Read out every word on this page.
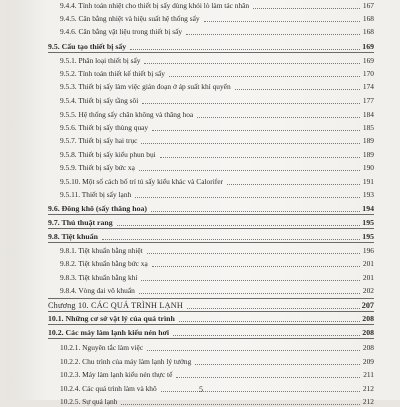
9.4.4. Tính toán nhiệt cho thiết bị sấy dùng khói lò làm tác nhân	167
9.4.5. Cân bằng nhiệt và hiệu suất hệ thống sấy	168
9.4.6. Cân bằng vật liệu trong thiết bị sấy	168
9.5. Cấu tạo thiết bị sấy	169
9.5.1. Phân loại thiết bị sấy	169
9.5.2. Tính toán thiết kế thiết bị sấy	170
9.5.3. Thiết bị sấy làm việc gián đoạn ở áp suất khí quyển	174
9.5.4. Thiết bị sấy tầng sôi	177
9.5.5. Hệ thống sấy chân không và thăng hoa	184
9.5.6. Thiết bị sấy thùng quay	185
9.5.7. Thiết bị sấy hai trục	189
9.5.8. Thiết bị sấy kiểu phun bụi	189
9.5.9. Thiết bị sấy bức xạ	190
9.5.10. Một số cách bố trí tủ sấy kiểu khác và Calorifer	191
9.5.11. Thiết bị sấy lạnh	193
9.6. Đông khô (sấy thăng hoa)	194
9.7. Thủ thuật rang	195
9.8. Tiệt khuẩn	195
9.8.1. Tiệt khuẩn bằng nhiệt	196
9.8.2. Tiệt khuẩn bằng bức xạ	201
9.8.3. Tiệt khuẩn bằng khí	201
9.8.4. Vòng đai vô khuẩn	202
Chương 10. CÁC QUÁ TRÌNH LẠNH	207
10.1. Những cơ sở vật lý của quá trình	208
10.2. Các máy làm lạnh kiểu nén hơi	208
10.2.1. Nguyên tắc làm việc	208
10.2.2. Chu trình của máy làm lạnh lý tưởng	209
10.2.3. Máy làm lạnh kiểu nén thực tế	211
10.2.4. Các quá trình làm và khô	212
10.2.5. Sự quá lạnh	212
5
